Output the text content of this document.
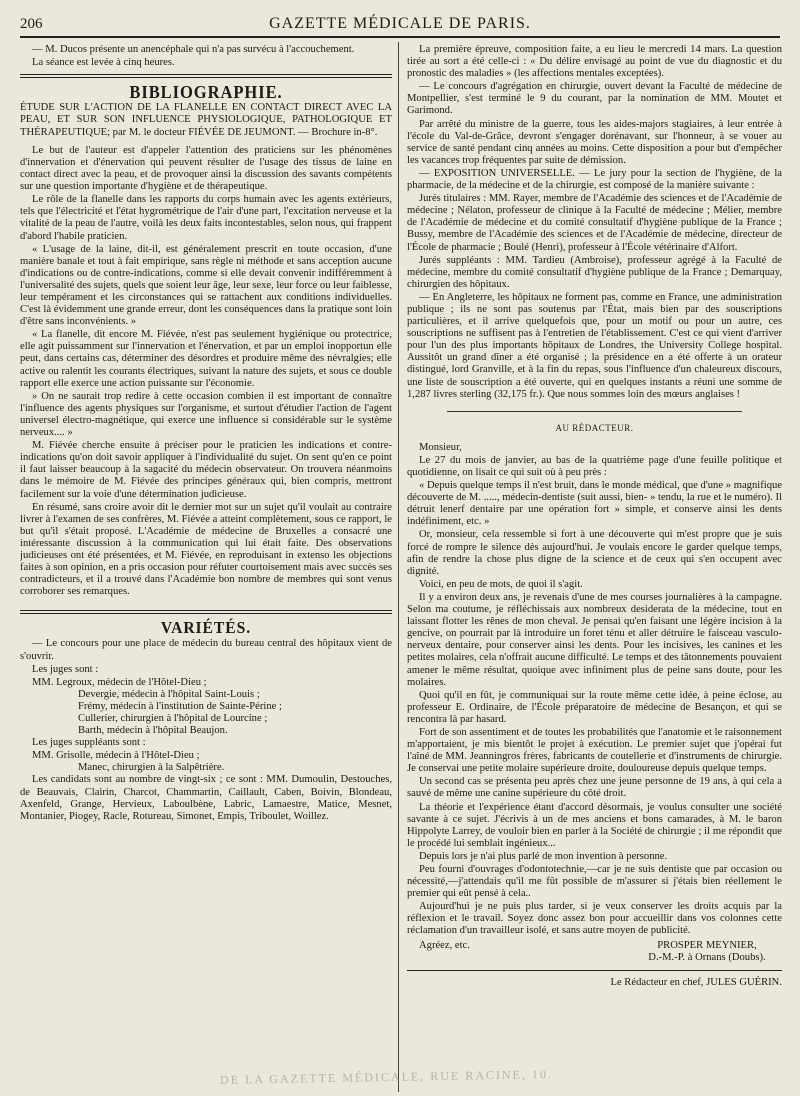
206	GAZETTE MÉDICALE DE PARIS.

— M. Ducos présente un anencéphale qui n'a pas survécu à l'accouchement.

La séance est levée à cinq heures.

BIBLIOGRAPHIE.

ÉTUDE SUR L'ACTION DE LA FLANELLE EN CONTACT DIRECT AVEC LA PEAU, ET SUR SON INFLUENCE PHYSIOLOGIQUE, PATHOLOGIQUE ET THÉRAPEUTIQUE; par M. le docteur FIÉVÉE DE JEUMONT. — Brochure in-8°.

Le but de l'auteur est d'appeler l'attention des praticiens sur les phénomènes d'innervation et d'énervation qui peuvent résulter de l'usage des tissus de laine en contact direct avec la peau, et de provoquer ainsi la discussion des savants compétents sur une question importante d'hygiène et de thérapeutique.

Le rôle de la flanelle dans les rapports du corps humain avec les agents extérieurs, tels que l'électricité et l'état hygrométrique de l'air d'une part, l'excitation nerveuse et la vitalité de la peau de l'autre, voilà les deux faits incontestables, selon nous, qui frappent d'abord l'habile praticien.

« L'usage de la laine, dit-il, est généralement prescrit en toute occasion, d'une manière banale et tout à fait empirique, sans règle ni méthode et sans acception aucune d'indications ou de contre-indications, comme si elle devait convenir indifféremment à l'universalité des sujets, quels que soient leur âge, leur sexe, leur force ou leur faiblesse, leur tempérament et les circonstances qui se rattachent aux conditions individuelles. C'est là évidemment une grande erreur, dont les conséquences dans la pratique sont loin d'être sans inconvénients. »

« La flanelle, dit encore M. Fiévée, n'est pas seulement hygiénique ou protectrice, elle agit puissamment sur l'innervation et l'énervation, et par un emploi inopportun elle peut, dans certains cas, déterminer des désordres et produire même des névralgies; elle active ou ralentit les courants électriques, suivant la nature des sujets, et sous ce double rapport elle exerce une action puissante sur l'économie.

» On ne saurait trop redire à cette occasion combien il est important de connaître l'influence des agents physiques sur l'organisme, et surtout d'étudier l'action de l'agent universel électro-magnétique, qui exerce une influence si considérable sur le système nerveux.... »

M. Fiévée cherche ensuite à préciser pour le praticien les indications et contre-indications qu'on doit savoir appliquer à l'individualité du sujet. On sent qu'en ce point il faut laisser beaucoup à la sagacité du médecin observateur. On trouvera néanmoins dans le mémoire de M. Fiévée des principes généraux qui, bien compris, mettront facilement sur la voie d'une détermination judicieuse.

En résumé, sans croire avoir dit le dernier mot sur un sujet qu'il voulait au contraire livrer à l'examen de ses confrères, M. Fiévée a atteint complètement, sous ce rapport, le but qu'il s'était proposé. L'Académie de médecine de Bruxelles a consacré une intéressante discussion à la communication qui lui était faite. Des observations judicieuses ont été présentées, et M. Fiévée, en reproduisant in extenso les objections faites à son opinion, en a pris occasion pour réfuter courtoisement mais avec succès ses contradicteurs, et il a trouvé dans l'Académie bon nombre de membres qui sont venus corroborer ses remarques.

VARIÉTÉS.

— Le concours pour une place de médecin du bureau central des hôpitaux vient de s'ouvrir.

Les juges sont :

MM. Legroux, médecin de l'Hôtel-Dieu ;
Devergie, médecin à l'hôpital Saint-Louis ;
Frémy, médecin à l'institution de Sainte-Périne ;
Cullerier, chirurgien à l'hôpital de Lourcine ;
Barth, médecin à l'hôpital Beaujon.

Les juges suppléants sont :

MM. Grisolle, médecin à l'Hôtel-Dieu ;
Manec, chirurgien à la Salpêtrière.

Les candidats sont au nombre de vingt-six ; ce sont : MM. Dumoulin, Destouches, de Beauvais, Clairin, Charcot, Chammartin, Caillault, Caben, Boivin, Blondeau, Axenfeld, Grange, Hervieux, Laboulbène, Labric, Lamaestre, Matice, Mesnet, Montanier, Piogey, Racle, Rotureau, Simonet, Empis, Triboulet, Woillez.

La première épreuve, composition faite, a eu lieu le mercredi 14 mars. La question tirée au sort a été celle-ci : « Du délire envisagé au point de vue du diagnostic et du pronostic des maladies » (les affections mentales exceptées).

— Le concours d'agrégation en chirurgie, ouvert devant la Faculté de médecine de Montpellier, s'est terminé le 9 du courant, par la nomination de MM. Moutet et Garimond.

Par arrêté du ministre de la guerre, tous les aides-majors stagiaires, à leur entrée à l'école du Val-de-Grâce, devront s'engager dorénavant, sur l'honneur, à se vouer au service de santé pendant cinq années au moins. Cette disposition a pour but d'empêcher les vacances trop fréquentes par suite de démission.

— EXPOSITION UNIVERSELLE. — Le jury pour la section de l'hygiène, de la pharmacie, de la médecine et de la chirurgie, est composé de la manière suivante :

Jurés titulaires : MM. Rayer, membre de l'Académie des sciences et de l'Académie de médecine ; Nélaton, professeur de clinique à la Faculté de médecine ; Mélier, membre de l'Académie de médecine et du comité consultatif d'hygiène publique de la France ; Bussy, membre de l'Académie des sciences et de l'Académie de médecine, directeur de l'École de pharmacie ; Boulé (Henri), professeur à l'École vétérinaire d'Alfort.

Jurés suppléants : MM. Tardieu (Ambroise), professeur agrégé à la Faculté de médecine, membre du comité consultatif d'hygiène publique de la France ; Demarquay, chirurgien des hôpitaux.

— En Angleterre, les hôpitaux ne forment pas, comme en France, une administration publique ; ils ne sont pas soutenus par l'État, mais bien par des souscriptions particulières, et il arrive quelquefois que, pour un motif ou pour un autre, ces souscriptions ne suffisent pas à l'entretien de l'établissement. C'est ce qui vient d'arriver pour l'un des plus importants hôpitaux de Londres, the University College hospital. Aussitôt un grand dîner a été organisé ; la présidence en a été offerte à un orateur distingué, lord Granville, et à la fin du repas, sous l'influence d'un chaleureux discours, une liste de souscription a été ouverte, qui en quelques instants a réuni une somme de 1,287 livres sterling (32,175 fr.). Que nous sommes loin des mœurs anglaises !

AU RÉDACTEUR.

Monsieur,

Le 27 du mois de janvier, au bas de la quatrième page d'une feuille politique et quotidienne, on lisait ce qui suit où à peu près :

« Depuis quelque temps il n'est bruit, dans le monde médical, que d'une » magnifique découverte de M. ....., médecin-dentiste (suit aussi, bien- » tendu, la rue et le numéro). Il détruit lenerf dentaire par une opération fort » simple, et conserve ainsi les dents indéfiniment, etc. »

Or, monsieur, cela ressemble si fort à une découverte qui m'est propre que je suis forcé de rompre le silence dès aujourd'hui. Je voulais encore le garder quelque temps, afin de rendre la chose plus digne de la science et de ceux qui s'en occupent avec dignité.

Voici, en peu de mots, de quoi il s'agit.

Il y a environ deux ans, je revenais d'une de mes courses journalières à la campagne. Selon ma coutume, je réfléchissais aux nombreux desiderata de la médecine, tout en laissant flotter les rênes de mon cheval. Je pensai qu'en faisant une légère incision à la gencive, on pourrait par là introduire un foret ténu et aller détruire le faisceau vasculo-nerveux dentaire, pour conserver ainsi les dents. Pour les incisives, les canines et les petites molaires, cela n'offrait aucune difficulté. Le temps et des tâtonnements pouvaient amener le même résultat, quoique avec infiniment plus de peine sans doute, pour les molaires.

Quoi qu'il en fût, je communiquai sur la route même cette idée, à peine éclose, au professeur E. Ordinaire, de l'École préparatoire de médecine de Besançon, et qui se rencontra là par hasard.

Fort de son assentiment et de toutes les probabilités que l'anatomie et le raisonnement m'apportaient, je mis bientôt le projet à exécution. Le premier sujet que j'opérai fut l'aîné de MM. Jeanningros frères, fabricants de coutellerie et d'instruments de chirurgie. Je conservai une petite molaire supérieure droite, douloureuse depuis quelque temps.

Un second cas se présenta peu après chez une jeune personne de 19 ans, à qui cela a sauvé de même une canine supérieure du côté droit.

La théorie et l'expérience étant d'accord désormais, je voulus consulter une société savante à ce sujet. J'écrivis à un de mes anciens et bons camarades, à M. le baron Hippolyte Larrey, de vouloir bien en parler à la Société de chirurgie ; il me répondit que le procédé lui semblait ingénieux...

Depuis lors je n'ai plus parlé de mon invention à personne.

Peu fourni d'ouvrages d'odontotechnie,—car je ne suis dentiste que par occasion ou nécessité,—j'attendais qu'il me fût possible de m'assurer si j'étais bien réellement le premier qui eût pensé à cela..

Aujourd'hui je ne puis plus tarder, si je veux conserver les droits acquis par la réflexion et le travail. Soyez donc assez bon pour accueillir dans vos colonnes cette réclamation d'un travailleur isolé, et sans autre moyen de publicité.

Agréez, etc.	PROSPER MEYNIER,
D.-M.-P. à Ornans (Doubs).
Le Rédacteur en chef, JULES GUÉRIN.
DE LA GAZETTE MÉDICALE, RUE RACINE, 10.
